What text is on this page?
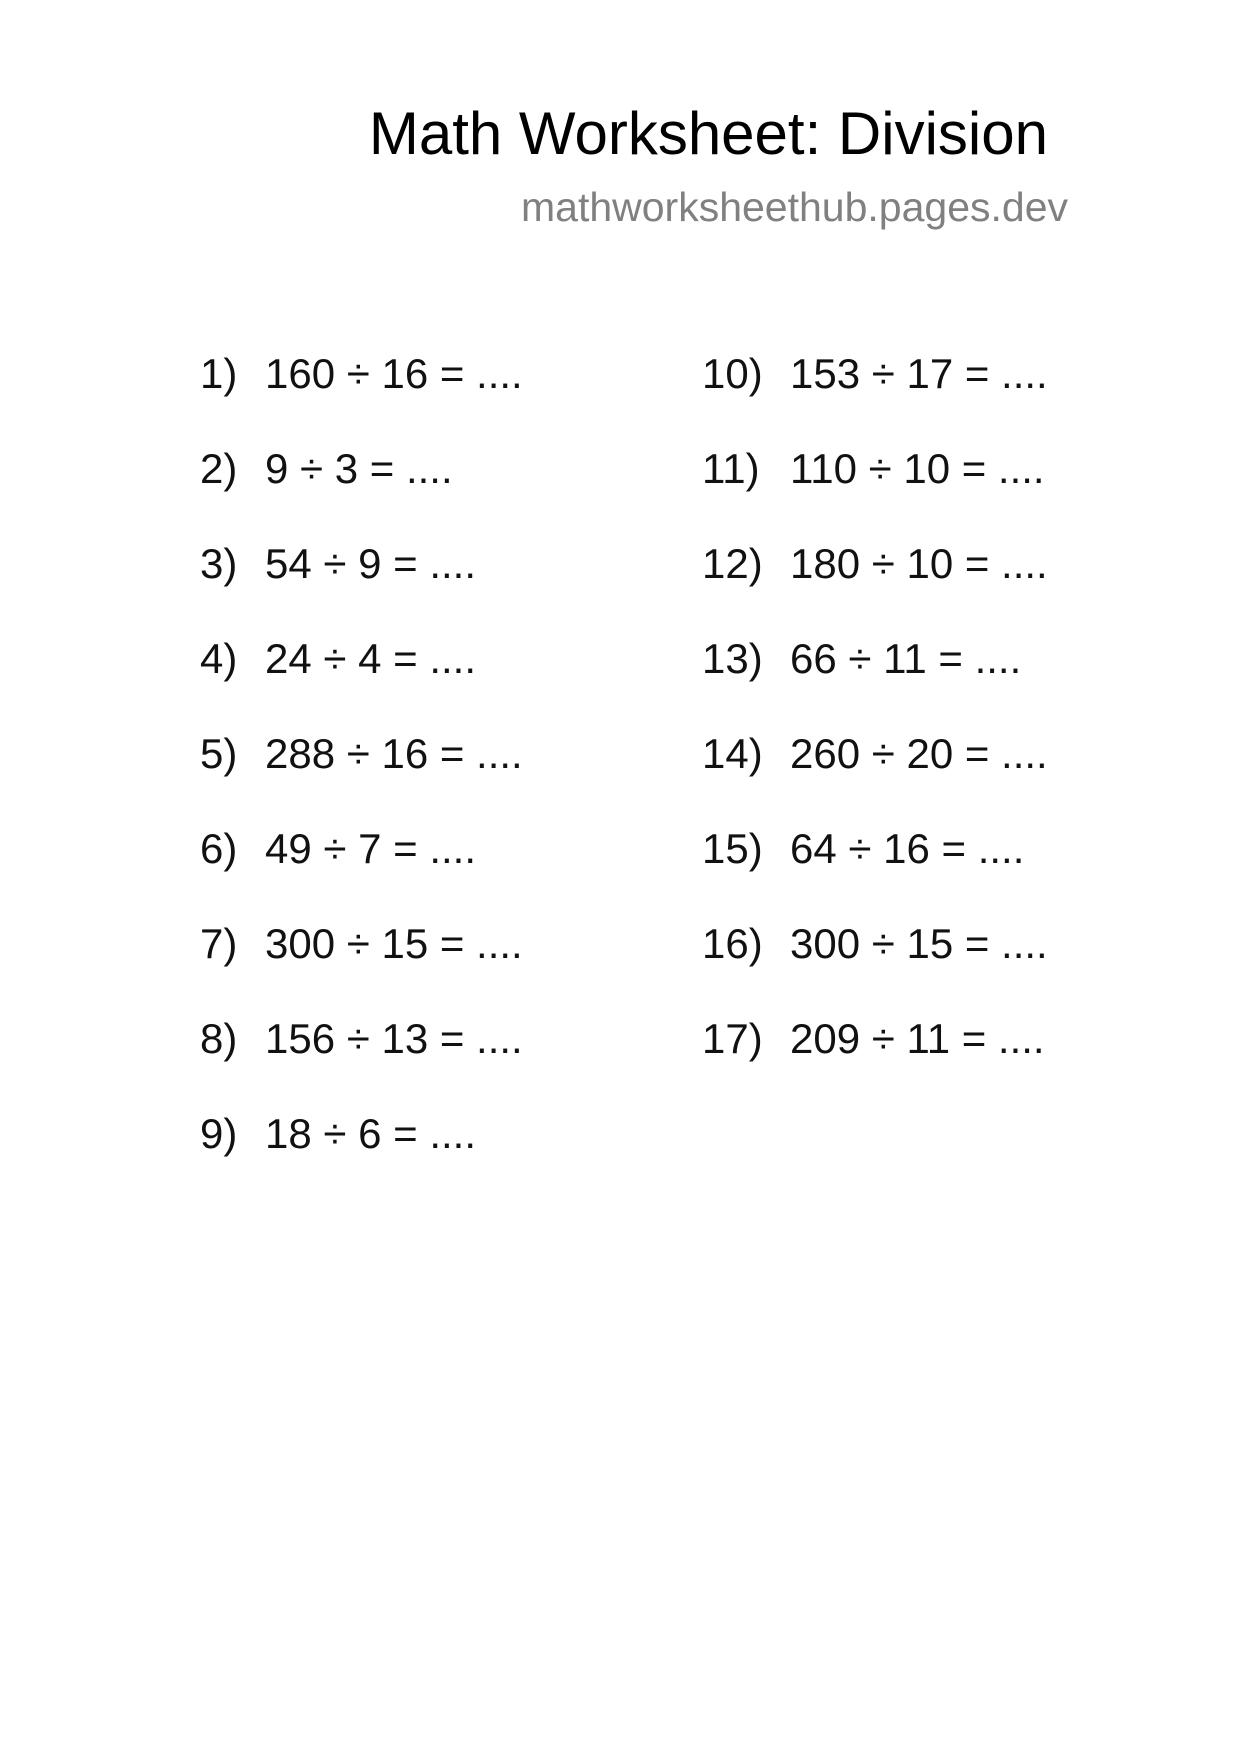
Math Worksheet: Division
mathworksheethub.pages.dev
1) 160 ÷ 16 = ....
2) 9 ÷ 3 = ....
3) 54 ÷ 9 = ....
4) 24 ÷ 4 = ....
5) 288 ÷ 16 = ....
6) 49 ÷ 7 = ....
7) 300 ÷ 15 = ....
8) 156 ÷ 13 = ....
9) 18 ÷ 6 = ....
10) 153 ÷ 17 = ....
11) 110 ÷ 10 = ....
12) 180 ÷ 10 = ....
13) 66 ÷ 11 = ....
14) 260 ÷ 20 = ....
15) 64 ÷ 16 = ....
16) 300 ÷ 15 = ....
17) 209 ÷ 11 = ....
